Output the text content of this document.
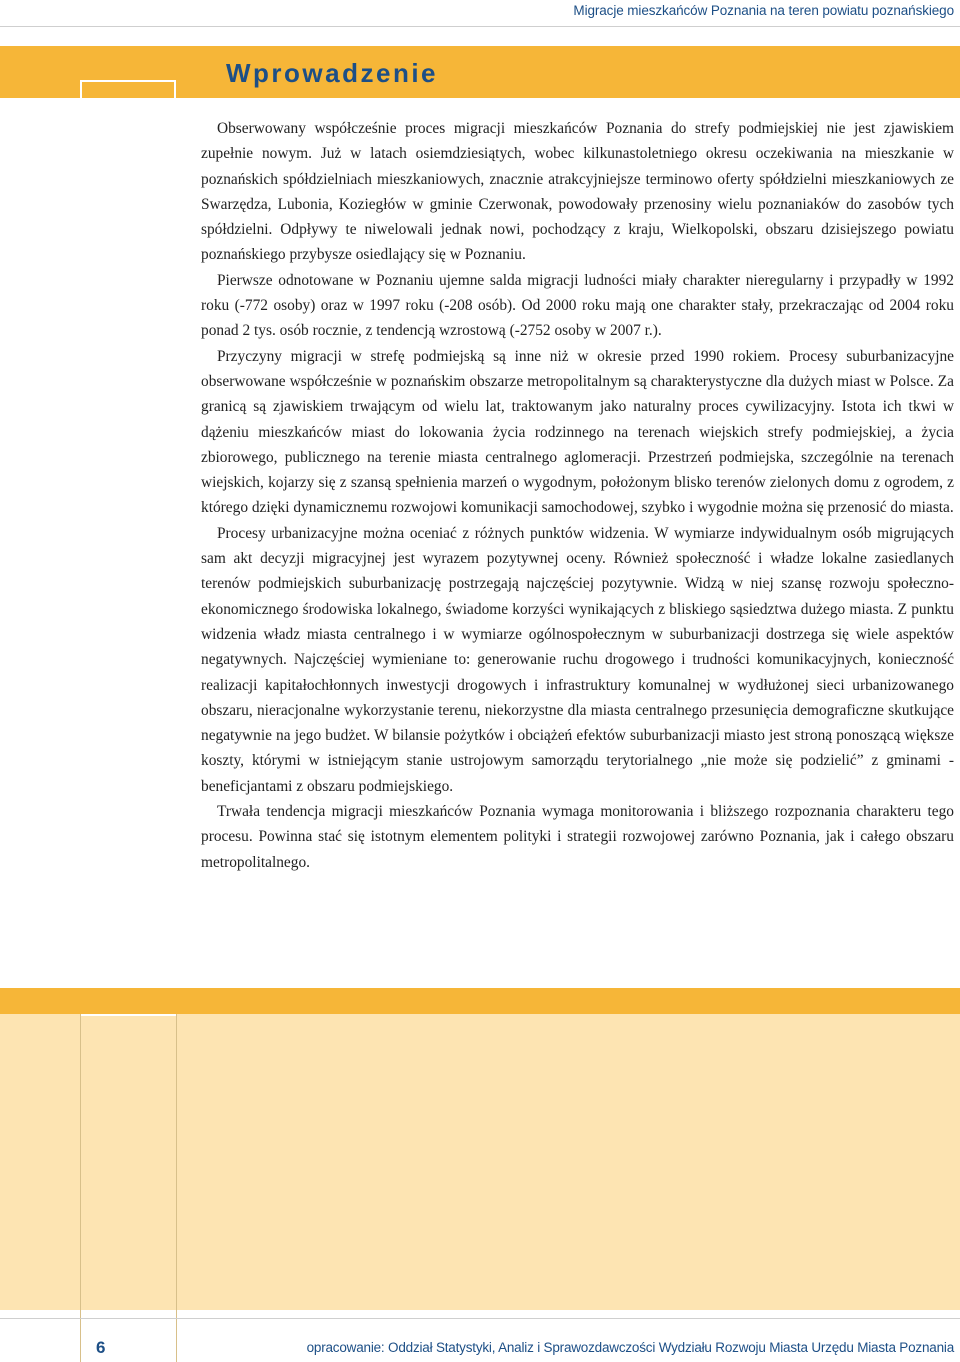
Migracje mieszkańców Poznania na teren powiatu poznańskiego
Wprowadzenie

Obserwowany współcześnie proces migracji mieszkańców Poznania do strefy podmiejskiej nie jest zjawiskiem zupełnie nowym. Już w latach osiemdziesiątych, wobec kilkunastoletniego okresu oczekiwania na mieszkanie w poznańskich spółdzielniach mieszkaniowych, znacznie atrakcyjniejsze terminowo oferty spółdzielni mieszkaniowych ze Swarzędza, Lubonia, Koziegłów w gminie Czerwonak, powodowały przenosiny wielu poznaniaków do zasobów tych spółdzielni. Odpływy te niwelowali jednak nowi, pochodzący z kraju, Wielkopolski, obszaru dzisiejszego powiatu poznańskiego przybysze osiedlający się w Poznaniu.

Pierwsze odnotowane w Poznaniu ujemne salda migracji ludności miały charakter nieregularny i przypadły w 1992 roku (-772 osoby) oraz w 1997 roku (-208 osób). Od 2000 roku mają one charakter stały, przekraczając od 2004 roku ponad 2 tys. osób rocznie, z tendencją wzrostową (-2752 osoby w 2007 r.).

Przyczyny migracji w strefę podmiejską są inne niż w okresie przed 1990 rokiem. Procesy suburbanizacyjne obserwowane współcześnie w poznańskim obszarze metropolitalnym są charakterystyczne dla dużych miast w Polsce. Za granicą są zjawiskiem trwającym od wielu lat, traktowanym jako naturalny proces cywilizacyjny. Istota ich tkwi w dążeniu mieszkańców miast do lokowania życia rodzinnego na terenach wiejskich strefy podmiejskiej, a życia zbiorowego, publicznego na terenie miasta centralnego aglomeracji. Przestrzeń podmiejska, szczególnie na terenach wiejskich, kojarzy się z szansą spełnienia marzeń o wygodnym, położonym blisko terenów zielonych domu z ogrodem, z którego dzięki dynamicznemu rozwojowi komunikacji samochodowej, szybko i wygodnie można się przenosić do miasta.

Procesy urbanizacyjne można oceniać z różnych punktów widzenia. W wymiarze indywidualnym osób migrujących sam akt decyzji migracyjnej jest wyrazem pozytywnej oceny. Również społeczność i władze lokalne zasiedlanych terenów podmiejskich suburbanizację postrzegają najczęściej pozytywnie. Widzą w niej szansę rozwoju społeczno-ekonomicznego środowiska lokalnego, świadome korzyści wynikających z bliskiego sąsiedztwa dużego miasta. Z punktu widzenia władz miasta centralnego i w wymiarze ogólnospołecznym w suburbanizacji dostrzega się wiele aspektów negatywnych. Najczęściej wymieniane to: generowanie ruchu drogowego i trudności komunikacyjnych, konieczność realizacji kapitałochłonnych inwestycji drogowych i infrastruktury komunalnej w wydłużonej sieci urbanizowanego obszaru, nieracjonalne wykorzystanie terenu, niekorzystne dla miasta centralnego przesunięcia demograficzne skutkujące negatywnie na jego budżet. W bilansie pożytków i obciążeń efektów suburbanizacji miasto jest stroną ponoszącą większe koszty, którymi w istniejącym stanie ustrojowym samorządu terytorialnego „nie może się podzielić” z gminami - beneficjantami z obszaru podmiejskiego.

Trwała tendencja migracji mieszkańców Poznania wymaga monitorowania i bliższego rozpoznania charakteru tego procesu. Powinna stać się istotnym elementem polityki i strategii rozwojowej zarówno Poznania, jak i całego obszaru metropolitalnego.

6	opracowanie: Oddział Statystyki, Analiz i Sprawozdawczości Wydziału Rozwoju Miasta Urzędu Miasta Poznania
